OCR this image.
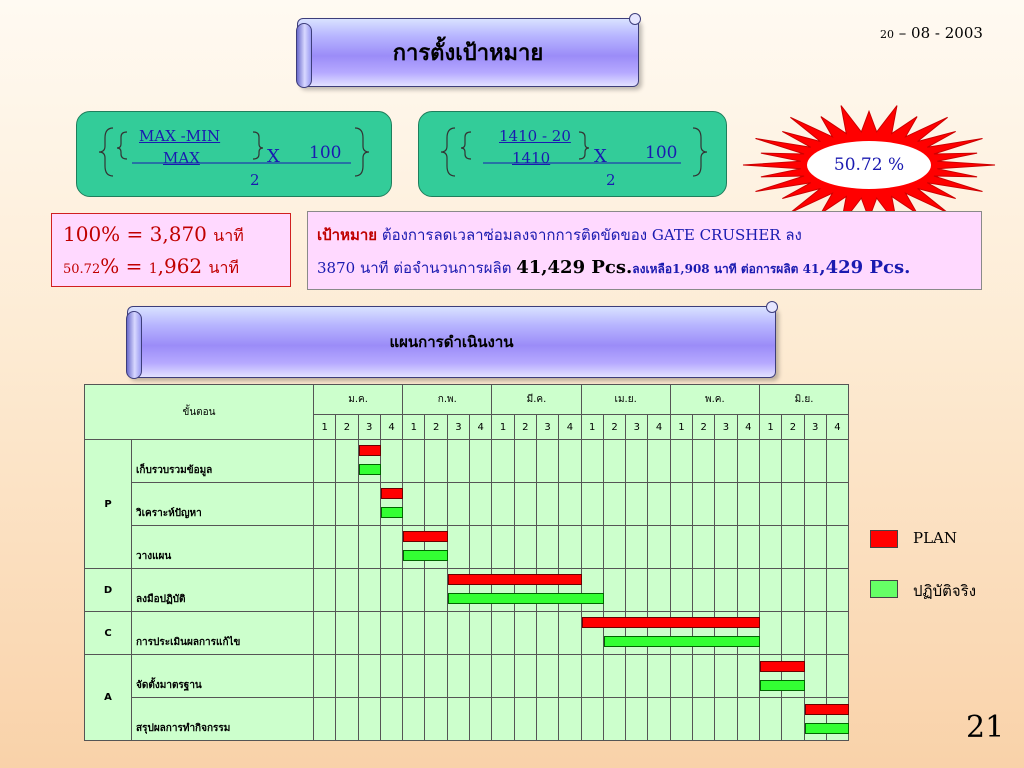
การตั้งเป้าหมาย
20 – 08 - 2003
MAX -MIN
MAX	X 100
2
1410 - 20
1410 X 100
2
50.72 %
100% = 3,870 นาที
50.72% = 1,962 นาที
เป้าหมาย ต้องการลดเวลาซ่อมลงจากการติดขัดของ GATE CRUSHER ลง
3870 นาที ต่อจำนวนการผลิต 41,429 Pcs.ลงเหลือ1,908 นาที ต่อการผลิต 41,429 Pcs.
แผนการดำเนินงาน
ขั้นตอน		ม.ค.				ก.พ.				มี.ค.				เม.ย.				พ.ค.				มิ.ย.			
		1	2	3	4	1	2	3	4	1	2	3	4	1	2	3	4	1	2	3	4	1	2	3	4
P	เก็บรวบรวมข้อมูล																								
	วิเคราะห์ปัญหา																								
	วางแผน																								
D	ลงมือปฏิบัติ																								
C	การประเมินผลการแก้ไข																								
A	จัดตั้งมาตรฐาน																								
	สรุปผลการทำกิจกรรม																								
PLAN
ปฏิบัติจริง
21
